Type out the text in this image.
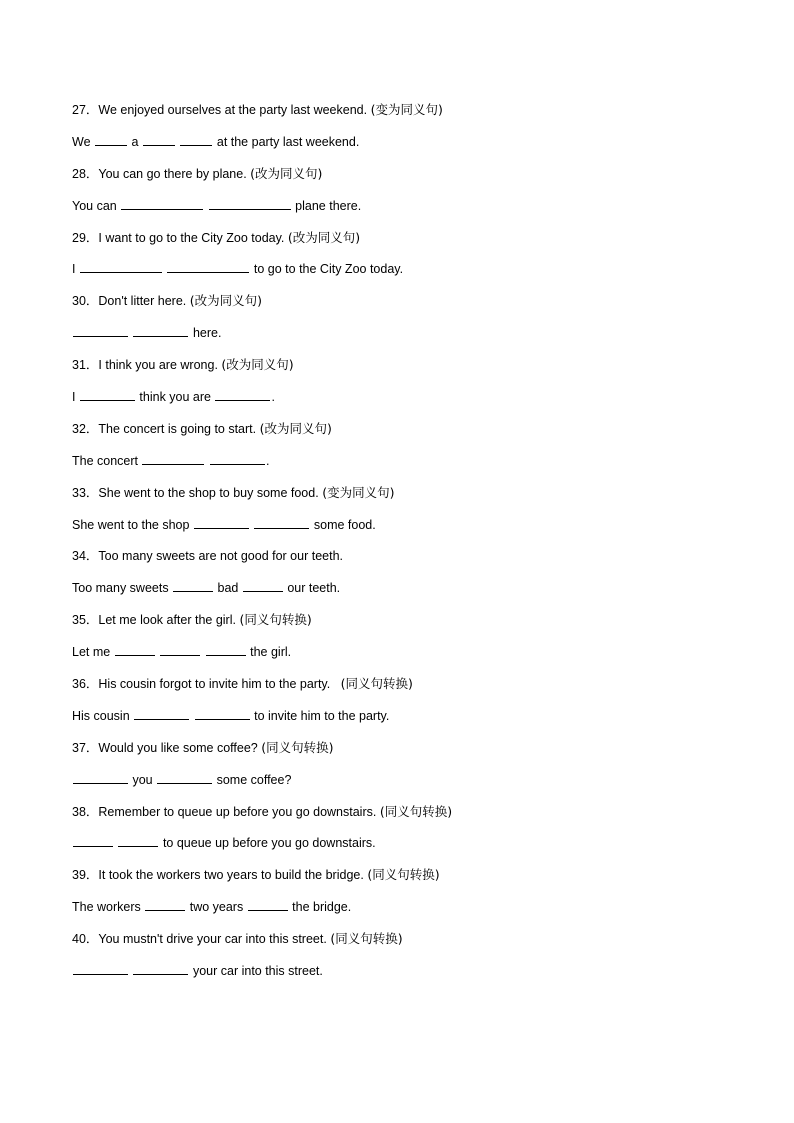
27．We enjoyed ourselves at the party last weekend. (变为同义句)
We	a	at the party last weekend.
28．You can go there by plane. (改为同义句)
You can	plane there.
29．I want to go to the City Zoo today. (改为同义句)
I	to go to the City Zoo today.
30．Don't litter here. (改为同义句)
here.
31．I think you are wrong. (改为同义句)
I	think you are	.
32．The concert is going to start. (改为同义句)
The concert	.
33．She went to the shop to buy some food. (变为同义句)
She went to the shop	some food.
34．Too many sweets are not good for our teeth.
Too many sweets	bad	our teeth.
35．Let me look after the girl. (同义句转换)
Let me	the girl.
36．His cousin forgot to invite him to the party.   (同义句转换)
His cousin	to invite him to the party.
37．Would you like some coffee? (同义句转换)
you	some coffee?
38．Remember to queue up before you go downstairs. (同义句转换)
to queue up before you go downstairs.
39．It took the workers two years to build the bridge. (同义句转换)
The workers	two years	the bridge.
40．You mustn't drive your car into this street. (同义句转换)
your car into this street.
